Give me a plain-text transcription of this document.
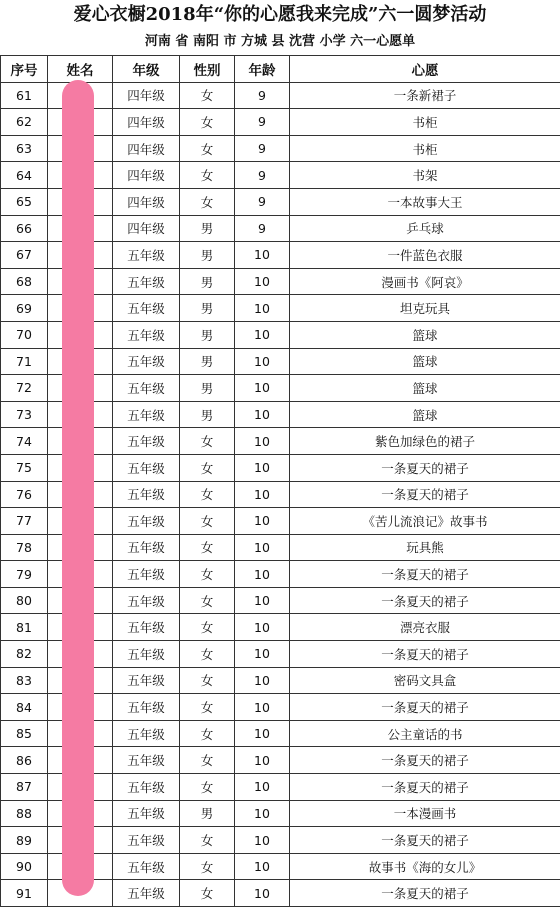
爱心衣橱2018年“你的心愿我来完成”六一圆梦活动
河南 省 南阳 市 方城 县 沈营 小学 六一心愿单
序号	姓名	年级	性别	年龄	心愿
61		四年级	女	9	一条新裙子
62		四年级	女	9	书柜
63		四年级	女	9	书柜
64		四年级	女	9	书架
65		四年级	女	9	一本故事大王
66		四年级	男	9	乒乓球
67		五年级	男	10	一件蓝色衣服
68		五年级	男	10	漫画书《阿哀》
69		五年级	男	10	坦克玩具
70		五年级	男	10	篮球
71		五年级	男	10	篮球
72		五年级	男	10	篮球
73		五年级	男	10	篮球
74		五年级	女	10	紫色加绿色的裙子
75		五年级	女	10	一条夏天的裙子
76		五年级	女	10	一条夏天的裙子
77		五年级	女	10	《苦儿流浪记》故事书
78		五年级	女	10	玩具熊
79		五年级	女	10	一条夏天的裙子
80		五年级	女	10	一条夏天的裙子
81		五年级	女	10	漂亮衣服
82		五年级	女	10	一条夏天的裙子
83		五年级	女	10	密码文具盒
84		五年级	女	10	一条夏天的裙子
85		五年级	女	10	公主童话的书
86		五年级	女	10	一条夏天的裙子
87		五年级	女	10	一条夏天的裙子
88		五年级	男	10	一本漫画书
89		五年级	女	10	一条夏天的裙子
90		五年级	女	10	故事书《海的女儿》
91		五年级	女	10	一条夏天的裙子
